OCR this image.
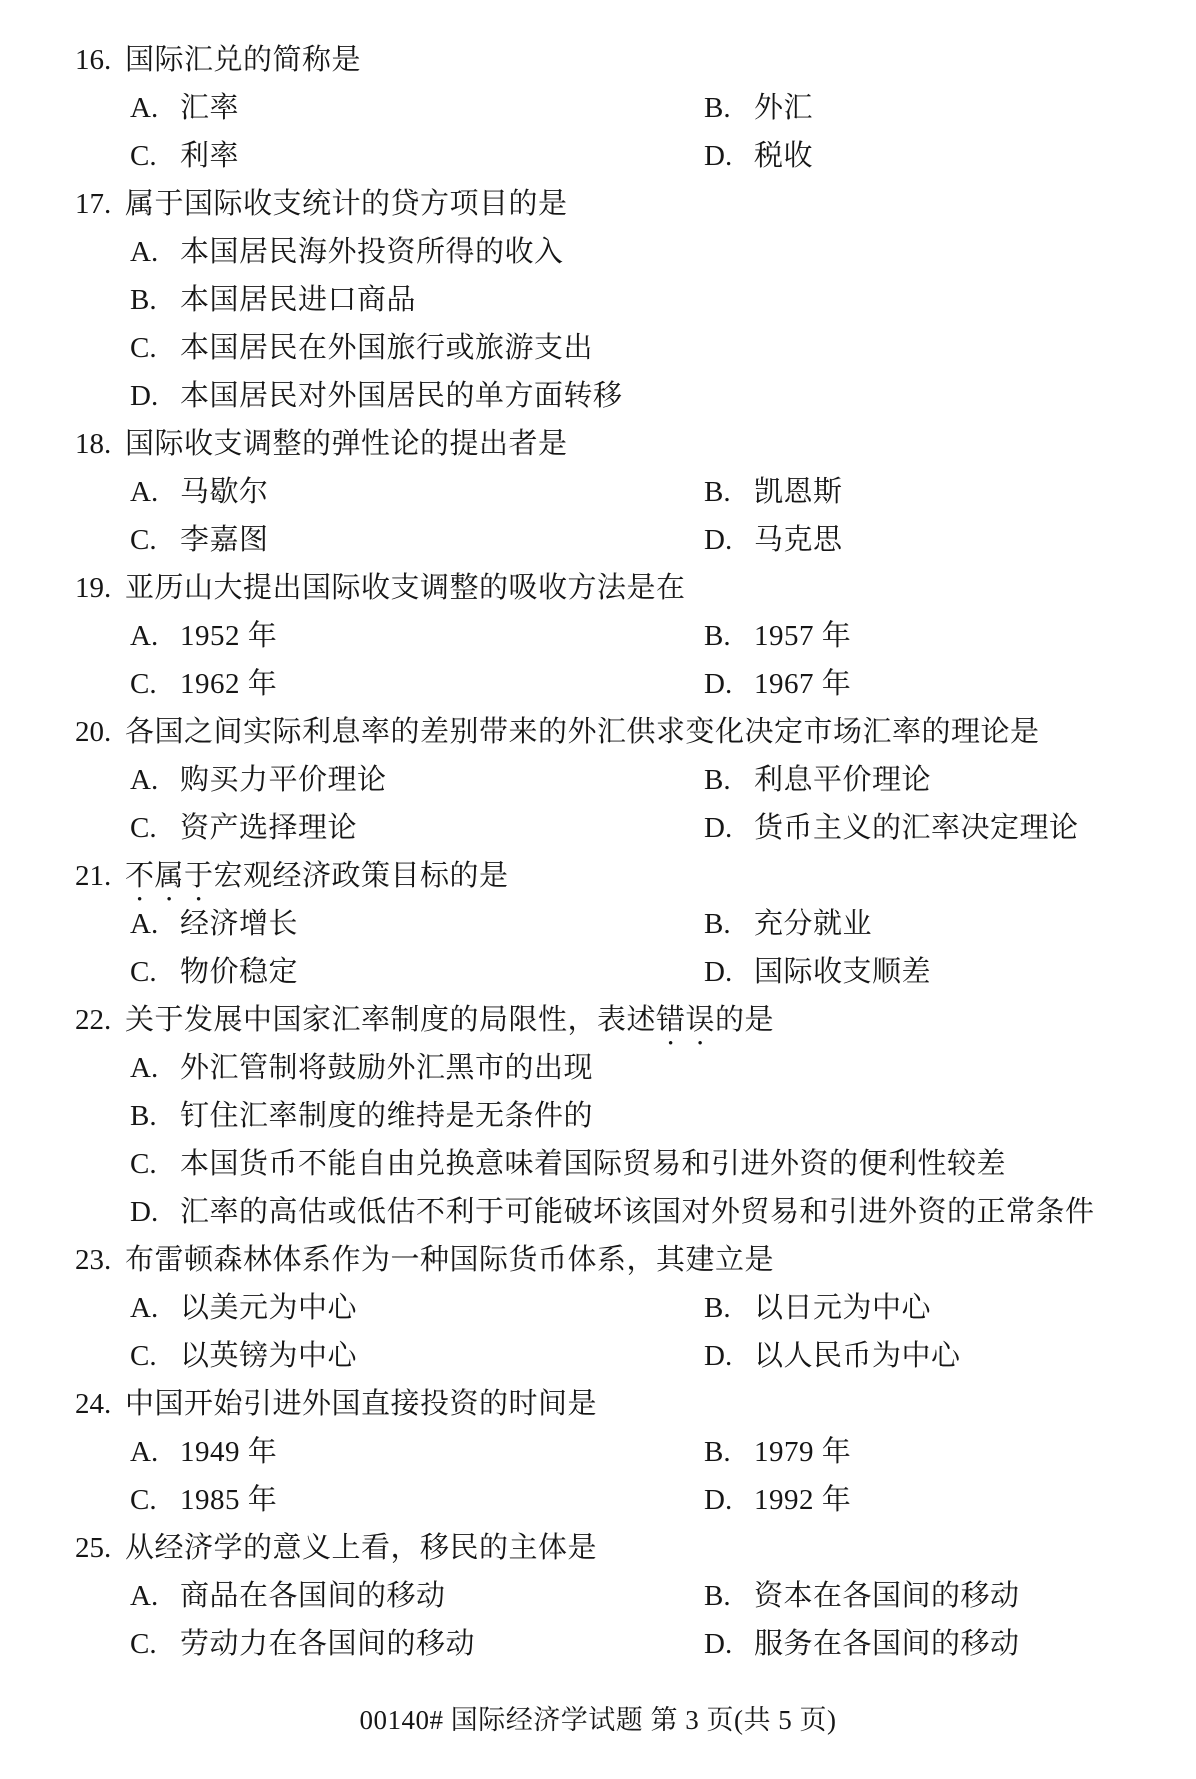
16. 国际汇兑的简称是
A. 汇率	B. 外汇
C. 利率	D. 税收
17. 属于国际收支统计的贷方项目的是
A. 本国居民海外投资所得的收入
B. 本国居民进口商品
C. 本国居民在外国旅行或旅游支出
D. 本国居民对外国居民的单方面转移
18. 国际收支调整的弹性论的提出者是
A. 马歇尔	B. 凯恩斯
C. 李嘉图	D. 马克思
19. 亚历山大提出国际收支调整的吸收方法是在
A. 1952 年	B. 1957 年
C. 1962 年	D. 1967 年
20. 各国之间实际利息率的差别带来的外汇供求变化决定市场汇率的理论是
A. 购买力平价理论	B. 利息平价理论
C. 资产选择理论	D. 货币主义的汇率决定理论
21. 不属于宏观经济政策目标的是
A. 经济增长	B. 充分就业
C. 物价稳定	D. 国际收支顺差
22. 关于发展中国家汇率制度的局限性，表述错误的是
A. 外汇管制将鼓励外汇黑市的出现
B. 钉住汇率制度的维持是无条件的
C. 本国货币不能自由兑换意味着国际贸易和引进外资的便利性较差
D. 汇率的高估或低估不利于可能破坏该国对外贸易和引进外资的正常条件
23. 布雷顿森林体系作为一种国际货币体系，其建立是
A. 以美元为中心	B. 以日元为中心
C. 以英镑为中心	D. 以人民币为中心
24. 中国开始引进外国直接投资的时间是
A. 1949 年	B. 1979 年
C. 1985 年	D. 1992 年
25. 从经济学的意义上看，移民的主体是
A. 商品在各国间的移动	B. 资本在各国间的移动
C. 劳动力在各国间的移动	D. 服务在各国间的移动
00140# 国际经济学试题 第 3 页(共 5 页)
